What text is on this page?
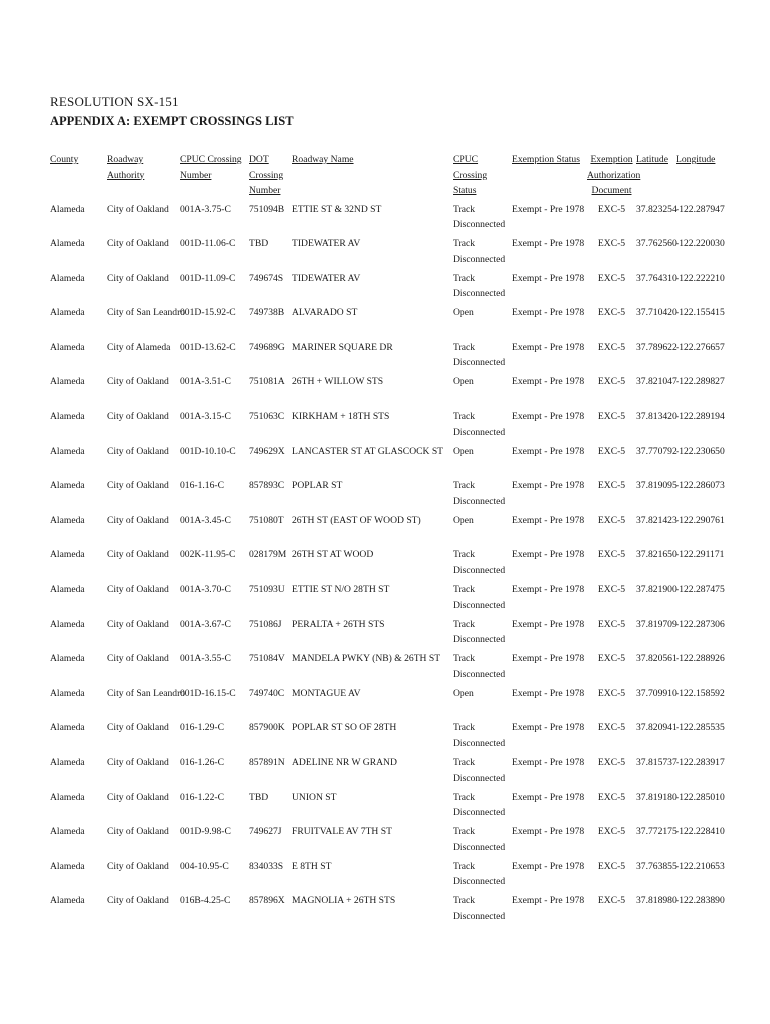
RESOLUTION SX-151
APPENDIX A: EXEMPT CROSSINGS LIST
County	Roadway Authority	CPUC Crossing Number	DOT Crossing Number	Roadway Name	CPUC Crossing Status	Exemption Status	Exemption Authorization Document	Latitude	Longitude
Alameda	City of Oakland	001A-3.75-C	751094B	ETTIE ST & 32ND ST	Track Disconnected	Exempt - Pre 1978	EXC-5	37.823254	-122.287947
Alameda	City of Oakland	001D-11.06-C	TBD	TIDEWATER AV	Track Disconnected	Exempt - Pre 1978	EXC-5	37.762560	-122.220030
Alameda	City of Oakland	001D-11.09-C	749674S	TIDEWATER AV	Track Disconnected	Exempt - Pre 1978	EXC-5	37.764310	-122.222210
Alameda	City of San Leandro	001D-15.92-C	749738B	ALVARADO ST	Open	Exempt - Pre 1978	EXC-5	37.710420	-122.155415
Alameda	City of Alameda	001D-13.62-C	749689G	MARINER SQUARE DR	Track Disconnected	Exempt - Pre 1978	EXC-5	37.789622	-122.276657
Alameda	City of Oakland	001A-3.51-C	751081A	26TH + WILLOW STS	Open	Exempt - Pre 1978	EXC-5	37.821047	-122.289827
Alameda	City of Oakland	001A-3.15-C	751063C	KIRKHAM + 18TH STS	Track Disconnected	Exempt - Pre 1978	EXC-5	37.813420	-122.289194
Alameda	City of Oakland	001D-10.10-C	749629X	LANCASTER ST AT GLASCOCK ST	Open	Exempt - Pre 1978	EXC-5	37.770792	-122.230650
Alameda	City of Oakland	016-1.16-C	857893C	POPLAR ST	Track Disconnected	Exempt - Pre 1978	EXC-5	37.819095	-122.286073
Alameda	City of Oakland	001A-3.45-C	751080T	26TH ST (EAST OF WOOD ST)	Open	Exempt - Pre 1978	EXC-5	37.821423	-122.290761
Alameda	City of Oakland	002K-11.95-C	028179M	26TH ST AT WOOD	Track Disconnected	Exempt - Pre 1978	EXC-5	37.821650	-122.291171
Alameda	City of Oakland	001A-3.70-C	751093U	ETTIE ST N/O 28TH ST	Track Disconnected	Exempt - Pre 1978	EXC-5	37.821900	-122.287475
Alameda	City of Oakland	001A-3.67-C	751086J	PERALTA + 26TH STS	Track Disconnected	Exempt - Pre 1978	EXC-5	37.819709	-122.287306
Alameda	City of Oakland	001A-3.55-C	751084V	MANDELA PWKY (NB) & 26TH ST	Track Disconnected	Exempt - Pre 1978	EXC-5	37.820561	-122.288926
Alameda	City of San Leandro	001D-16.15-C	749740C	MONTAGUE AV	Open	Exempt - Pre 1978	EXC-5	37.709910	-122.158592
Alameda	City of Oakland	016-1.29-C	857900K	POPLAR ST SO OF 28TH	Track Disconnected	Exempt - Pre 1978	EXC-5	37.820941	-122.285535
Alameda	City of Oakland	016-1.26-C	857891N	ADELINE NR W GRAND	Track Disconnected	Exempt - Pre 1978	EXC-5	37.815737	-122.283917
Alameda	City of Oakland	016-1.22-C	TBD	UNION ST	Track Disconnected	Exempt - Pre 1978	EXC-5	37.819180	-122.285010
Alameda	City of Oakland	001D-9.98-C	749627J	FRUITVALE AV 7TH ST	Track Disconnected	Exempt - Pre 1978	EXC-5	37.772175	-122.228410
Alameda	City of Oakland	004-10.95-C	834033S	E 8TH ST	Track Disconnected	Exempt - Pre 1978	EXC-5	37.763855	-122.210653
Alameda	City of Oakland	016B-4.25-C	857896X	MAGNOLIA + 26TH STS	Track Disconnected	Exempt - Pre 1978	EXC-5	37.818980	-122.283890
